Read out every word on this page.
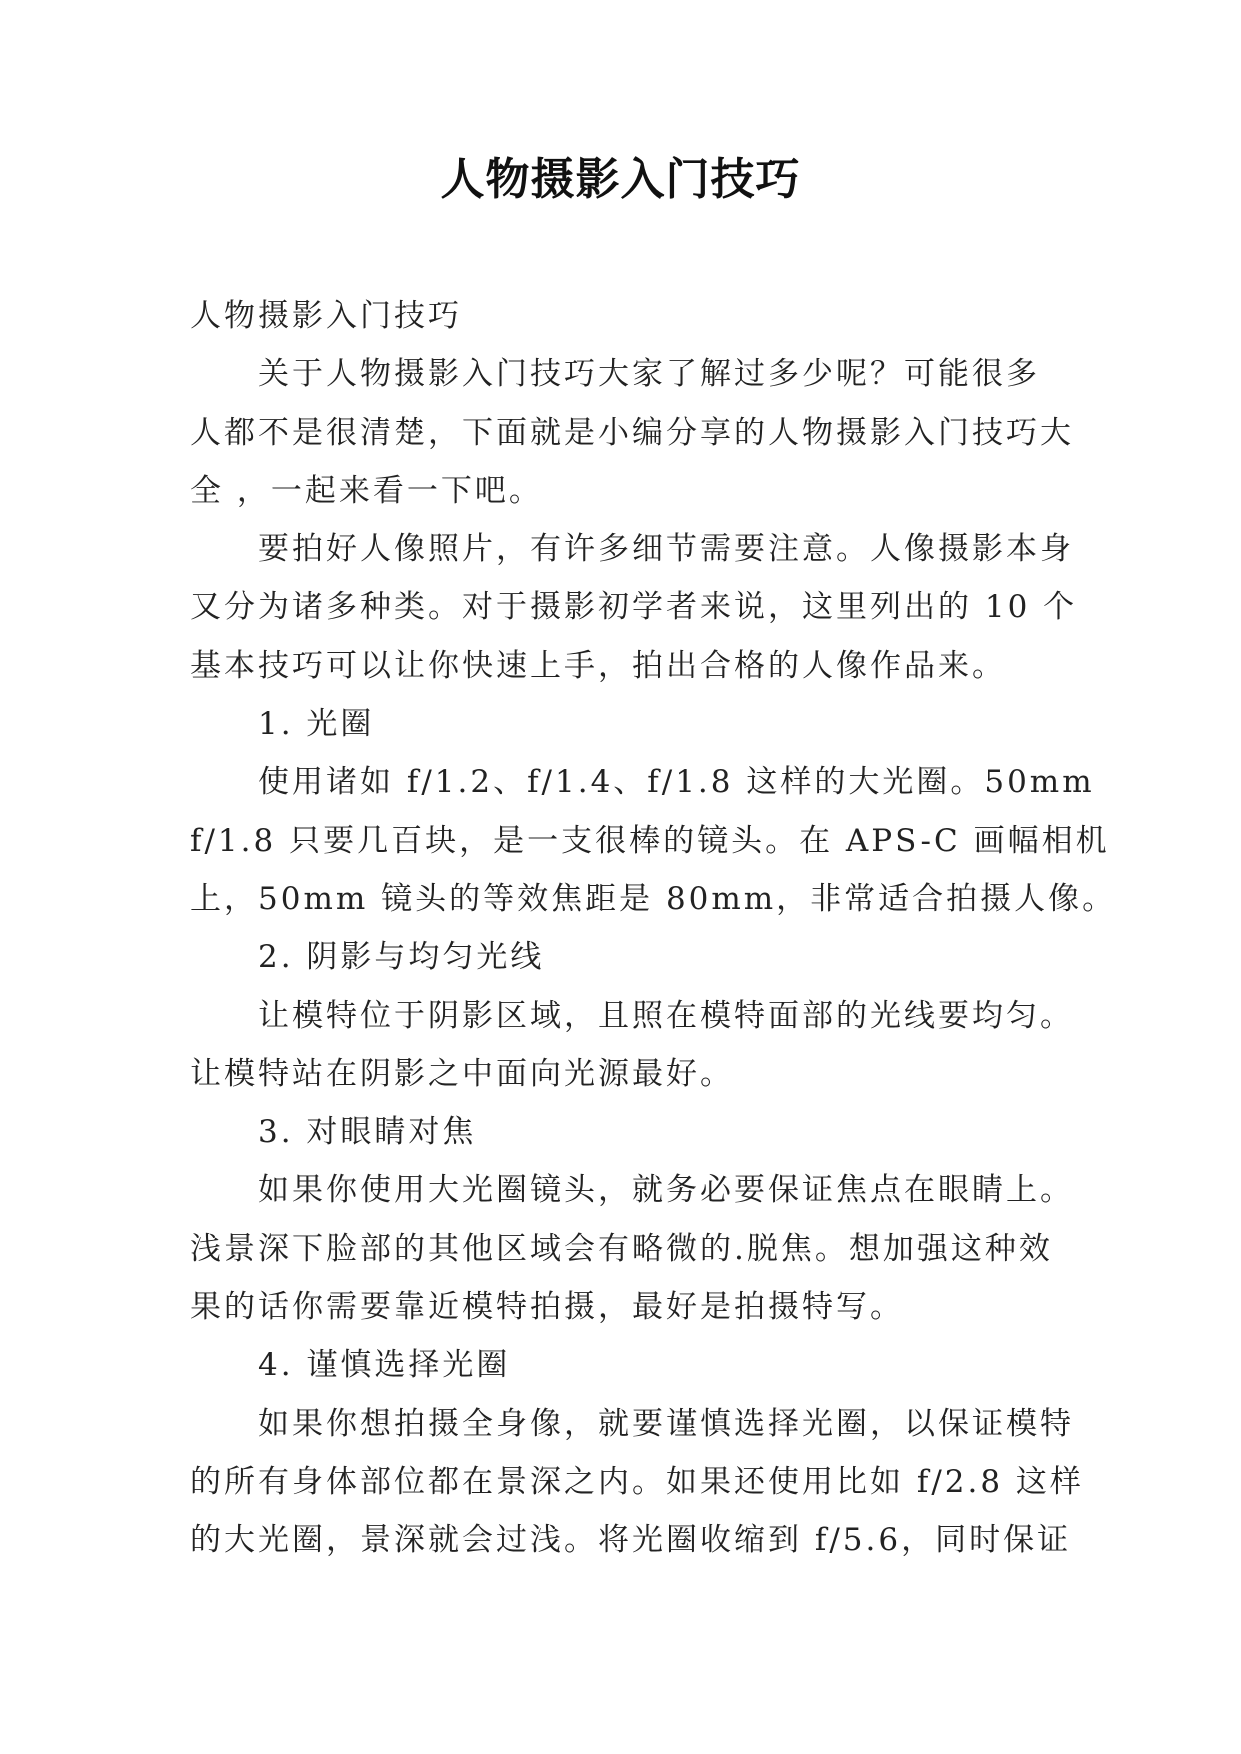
人物摄影入门技巧

人物摄影入门技巧

关于人物摄影入门技巧大家了解过多少呢？可能很多
人都不是很清楚，下面就是小编分享的人物摄影入门技巧大
全 ，一起来看一下吧。

要拍好人像照片，有许多细节需要注意。人像摄影本身
又分为诸多种类。对于摄影初学者来说，这里列出的 10 个
基本技巧可以让你快速上手，拍出合格的人像作品来。

1. 光圈

使用诸如 f/1.2、f/1.4、f/1.8 这样的大光圈。50mm
f/1.8 只要几百块，是一支很棒的镜头。在 APS-C 画幅相机
上，50mm 镜头的等效焦距是 80mm，非常适合拍摄人像。

2. 阴影与均匀光线

让模特位于阴影区域，且照在模特面部的光线要均匀。
让模特站在阴影之中面向光源最好。

3. 对眼睛对焦

如果你使用大光圈镜头，就务必要保证焦点在眼睛上。
浅景深下脸部的其他区域会有略微的.脱焦。想加强这种效
果的话你需要靠近模特拍摄，最好是拍摄特写。

4. 谨慎选择光圈

如果你想拍摄全身像，就要谨慎选择光圈，以保证模特
的所有身体部位都在景深之内。如果还使用比如 f/2.8 这样
的大光圈，景深就会过浅。将光圈收缩到 f/5.6，同时保证
